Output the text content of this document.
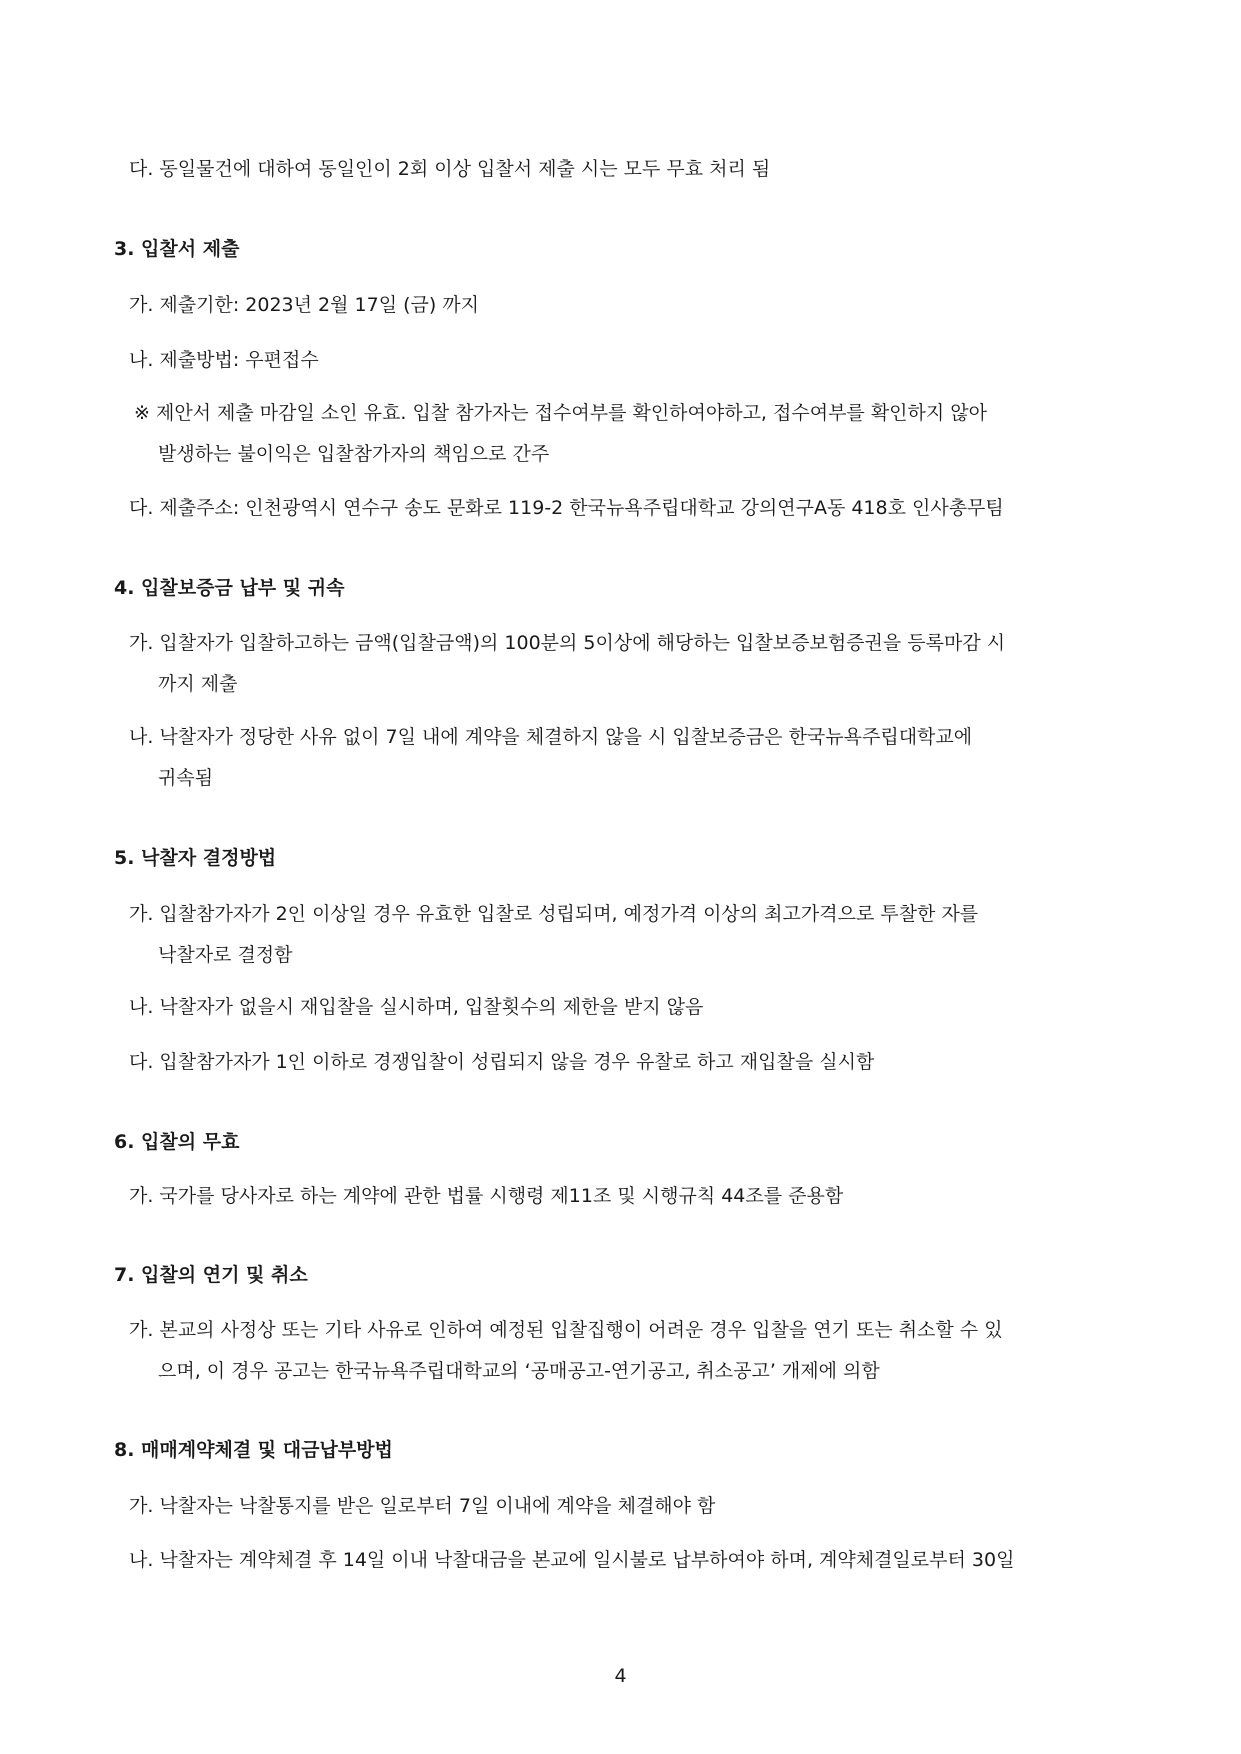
다. 동일물건에 대하여 동일인이 2회 이상 입찰서 제출 시는 모두 무효 처리 됨
3. 입찰서 제출
가. 제출기한: 2023년 2월 17일 (금) 까지
나. 제출방법: 우편접수
※ 제안서 제출 마감일 소인 유효. 입찰 참가자는 접수여부를 확인하여야하고, 접수여부를 확인하지 않아
발생하는 불이익은 입찰참가자의 책임으로 간주
다. 제출주소: 인천광역시 연수구 송도 문화로 119-2 한국뉴욕주립대학교 강의연구A동 418호 인사총무팀
4. 입찰보증금 납부 및 귀속
가. 입찰자가 입찰하고하는 금액(입찰금액)의 100분의 5이상에 해당하는 입찰보증보험증권을 등록마감 시
까지 제출
나. 낙찰자가 정당한 사유 없이 7일 내에 계약을 체결하지 않을 시 입찰보증금은 한국뉴욕주립대학교에
귀속됨
5. 낙찰자 결정방법
가. 입찰참가자가 2인 이상일 경우 유효한 입찰로 성립되며, 예정가격 이상의 최고가격으로 투찰한 자를
낙찰자로 결정함
나. 낙찰자가 없을시 재입찰을 실시하며, 입찰횟수의 제한을 받지 않음
다. 입찰참가자가 1인 이하로 경쟁입찰이 성립되지 않을 경우 유찰로 하고 재입찰을 실시함
6. 입찰의 무효
가. 국가를 당사자로 하는 계약에 관한 법률 시행령 제11조 및 시행규칙 44조를 준용함
7. 입찰의 연기 및 취소
가. 본교의 사정상 또는 기타 사유로 인하여 예정된 입찰집행이 어려운 경우 입찰을 연기 또는 취소할 수 있
으며, 이 경우 공고는 한국뉴욕주립대학교의 ‘공매공고-연기공고, 취소공고’ 개제에 의함
8. 매매계약체결 및 대금납부방법
가. 낙찰자는 낙찰통지를 받은 일로부터 7일 이내에 계약을 체결해야 함
나. 낙찰자는 계약체결 후 14일 이내 낙찰대금을 본교에 일시불로 납부하여야 하며, 계약체결일로부터 30일
4
